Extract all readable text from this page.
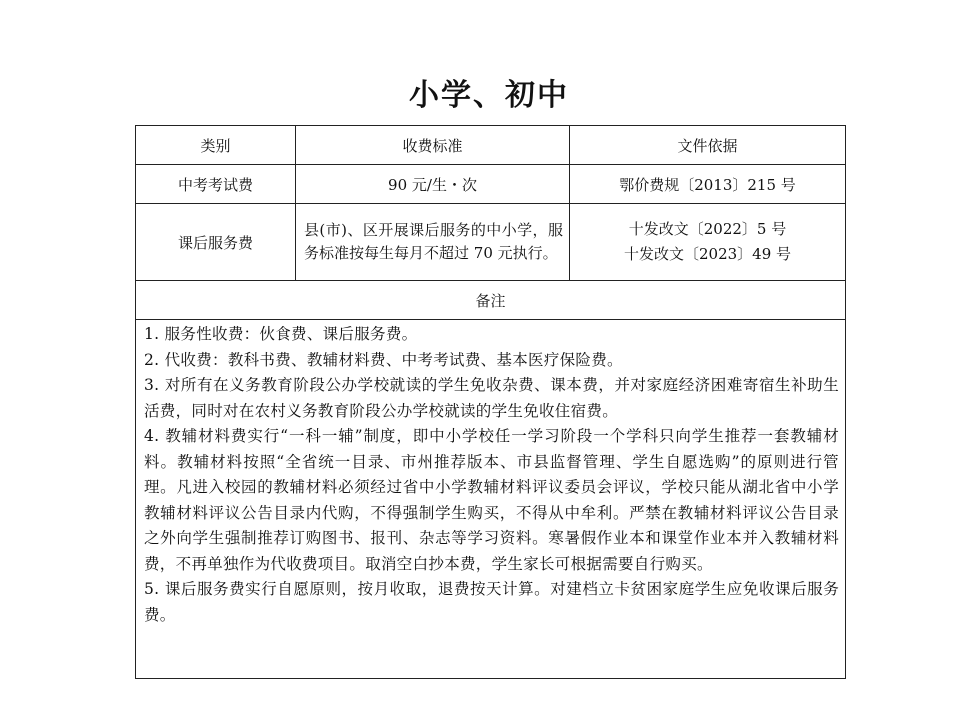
小学、初中
类别	收费标准	文件依据
中考考试费	90 元/生・次	鄂价费规〔2013〕215 号
课后服务费	县(市)、区开展课后服务的中小学，服务标准按每生每月不超过 70 元执行。	十发改文〔2022〕5 号
十发改文〔2023〕49 号

备注		

1. 服务性收费：伙食费、课后服务费。
2. 代收费：教科书费、教辅材料费、中考考试费、基本医疗保险费。
3. 对所有在义务教育阶段公办学校就读的学生免收杂费、课本费，并对家庭经济困难寄宿生补助生活费，同时对在农村义务教育阶段公办学校就读的学生免收住宿费。
4. 教辅材料费实行“一科一辅”制度，即中小学校任一学习阶段一个学科只向学生推荐一套教辅材料。教辅材料按照“全省统一目录、市州推荐版本、市县监督管理、学生自愿选购”的原则进行管理。凡进入校园的教辅材料必须经过省中小学教辅材料评议委员会评议，学校只能从湖北省中小学教辅材料评议公告目录内代购，不得强制学生购买，不得从中牟利。严禁在教辅材料评议公告目录之外向学生强制推荐订购图书、报刊、杂志等学习资料。寒暑假作业本和课堂作业本并入教辅材料费，不再单独作为代收费项目。取消空白抄本费，学生家长可根据需要自行购买。
5. 课后服务费实行自愿原则，按月收取，退费按天计算。对建档立卡贫困家庭学生应免收课后服务费。		
